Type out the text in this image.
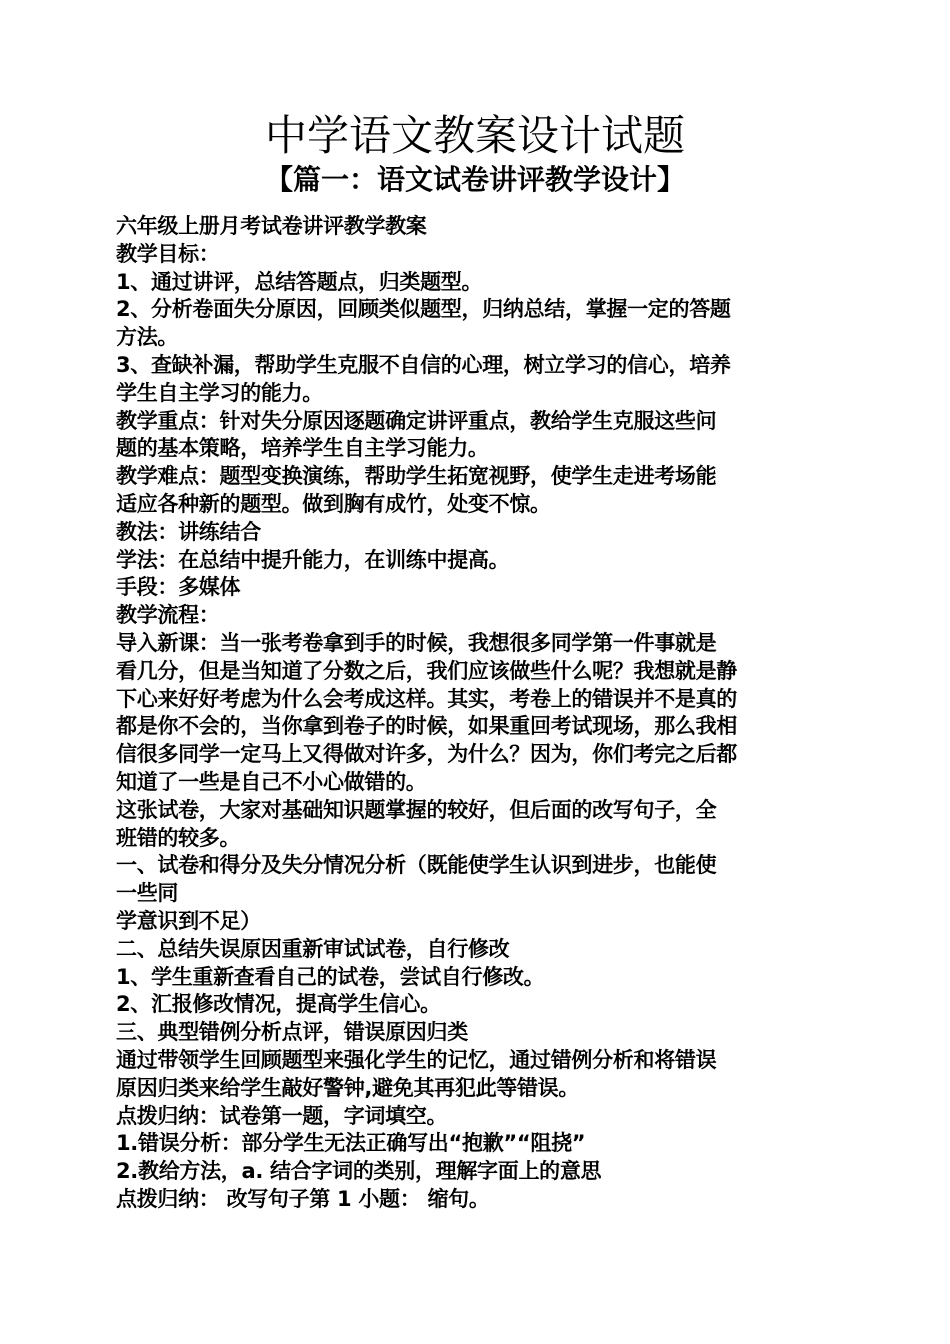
中学语文教案设计试题
【篇一：语文试卷讲评教学设计】
六年级上册月考试卷讲评教学教案
教学目标：
1、通过讲评，总结答题点，归类题型。
2、分析卷面失分原因，回顾类似题型，归纳总结，掌握一定的答题
方法。
3、查缺补漏，帮助学生克服不自信的心理，树立学习的信心，培养
学生自主学习的能力。
教学重点：针对失分原因逐题确定讲评重点，教给学生克服这些问
题的基本策略，培养学生自主学习能力。
教学难点：题型变换演练，帮助学生拓宽视野，使学生走进考场能
适应各种新的题型。做到胸有成竹，处变不惊。
教法：讲练结合
学法：在总结中提升能力，在训练中提高。
手段：多媒体
教学流程：
导入新课：当一张考卷拿到手的时候，我想很多同学第一件事就是
看几分，但是当知道了分数之后，我们应该做些什么呢？我想就是静
下心来好好考虑为什么会考成这样。其实，考卷上的错误并不是真的
都是你不会的，当你拿到卷子的时候，如果重回考试现场，那么我相
信很多同学一定马上又得做对许多，为什么？因为，你们考完之后都
知道了一些是自己不小心做错的。
这张试卷，大家对基础知识题掌握的较好，但后面的改写句子，全
班错的较多。
一、试卷和得分及失分情况分析（既能使学生认识到进步，也能使
一些同
学意识到不足）
二、总结失误原因重新审试试卷，自行修改
1、学生重新查看自己的试卷，尝试自行修改。
2、汇报修改情况，提高学生信心。
三、典型错例分析点评，错误原因归类
通过带领学生回顾题型来强化学生的记忆，通过错例分析和将错误
原因归类来给学生敲好警钟,避免其再犯此等错误。
点拨归纳：试卷第一题，字词填空。
1.错误分析：部分学生无法正确写出“抱歉”“阻挠”
2.教给方法，a. 结合字词的类别，理解字面上的意思
点拨归纳： 改写句子第 1 小题： 缩句。
